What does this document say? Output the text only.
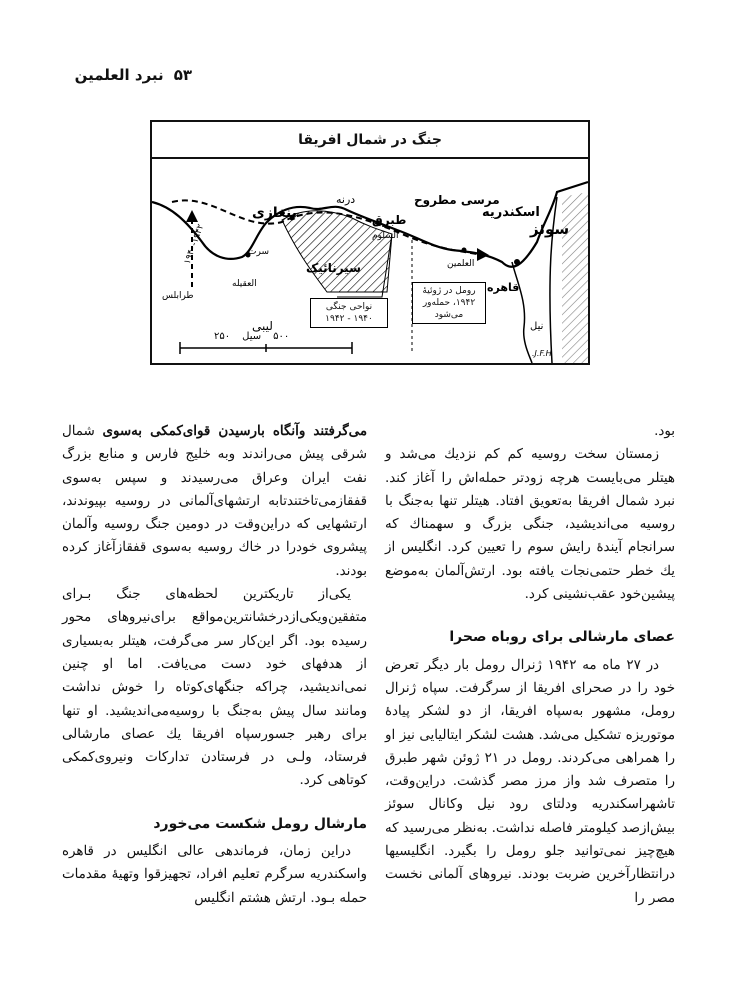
۵۳
نبرد العلمین
جنگ در شمال افریقا
سوئز
قاهره
نیل
اسکندریه
العلمین
مرسی مطروح
السلوم
طبرق
درنه
بنغازی
سیرنائیک
سرت
العقیله
طرابلس
لیبی
۱۹۴۰-۱۹۴۲
J.F.H.
نواحی جنگی
۱۹۴۰ - ۱۹۴۲
رومل در ژوئیهٔ
۱۹۴۲، حمله‌ور
می‌شود
۵۰۰
سیل
۲۵۰

بود.

زمستان سخت روسیه کم کم نزدیك می‌شد و هیتلر می‌بایست هرچه زودتر حمله‌اش را آغاز کند. نبرد شمال افریقا به‌تعویق افتاد. هیتلر تنها به‌جنگ با روسیه می‌اندیشید، جنگی بزرگ و سهمناك‌ که سرانجام آیندهٔ رایش سوم را تعیین کرد. انگلیس از یك خطر حتمی‌نجات یافته بود. ارتش‌آلمان به‌موضع پیشین‌خود عقب‌نشینی کرد.

عصای مارشالی برای روباه صحرا

در ۲۷ ماه مه ۱۹۴۲ ژنرال رومل بار دیگر تعرض خود را در صحرای افریقا از سرگرفت. سپاه ژنرال رومل، مشهور به‌سپاه افریقا، از دو لشکر پیادهٔ موتوریزه تشکیل می‌شد. هشت لشکر ایتالیایی نیز او را همراهی می‌کردند. رومل در ۲۱ ژوئن شهر طبرق را متصرف شد واز مرز مصر گذشت. دراین‌وقت، تاشهراسکندریه ودلتای رود نیل وکانال سوئز بیش‌ازصد کیلومتر فاصله نداشت. به‌نظر می‌رسید که هیچ‌چیز نمی‌توانید جلو رومل را بگیرد. انگلیسیها درانتظارآخرین ضربت بودند. نیروهای آلمانی نخست مصر را

می‌گرفتند وآنگاه بارسیدن قوای‌کمکی به‌سوی شمال شرقی پیش می‌راندند وبه خلیج فارس و منابع بزرگ نفت ایران وعراق می‌رسیدند و سپس به‌سوی قفقازمی‌تاختندتابه ارتشهای‌آلمانی در روسیه بپیوندند، ارتشهایی که دراین‌وقت در دومین جنگ روسیه وآلمان پیشروی خودرا در خاك روسیه به‌سوی قفقازآغاز کرده بودند.

یکی‌از تاریکترین لحظه‌های جنگ بـرای متفقین‌ویکی‌ازدرخشانترین‌مواقع برای‌نیروهای محور رسیده بود. اگر این‌کار سر می‌گرفت، هیتلر به‌بسیاری از هدفهای خود دست می‌یافت. اما او چنین نمی‌اندیشید، چراکه جنگهای‌کوتاه را خوش نداشت ومانند سال پیش به‌جنگ با روسیه‌می‌اندیشید. او تنها برای رهبر جسورسپاه افریقا یك عصای مارشالی فرستاد، ولـی در فرستادن تدارکات ونیروی‌کمکی کوتاهی کرد.

مارشال رومل شکست می‌خورد

دراین زمان، فرماندهی عالی انگلیس در قاهره واسکندریه سرگرم تعلیم افراد، تجهیزقوا وتهیهٔ مقدمات حمله بـود. ارتش هشتم انگلیس
